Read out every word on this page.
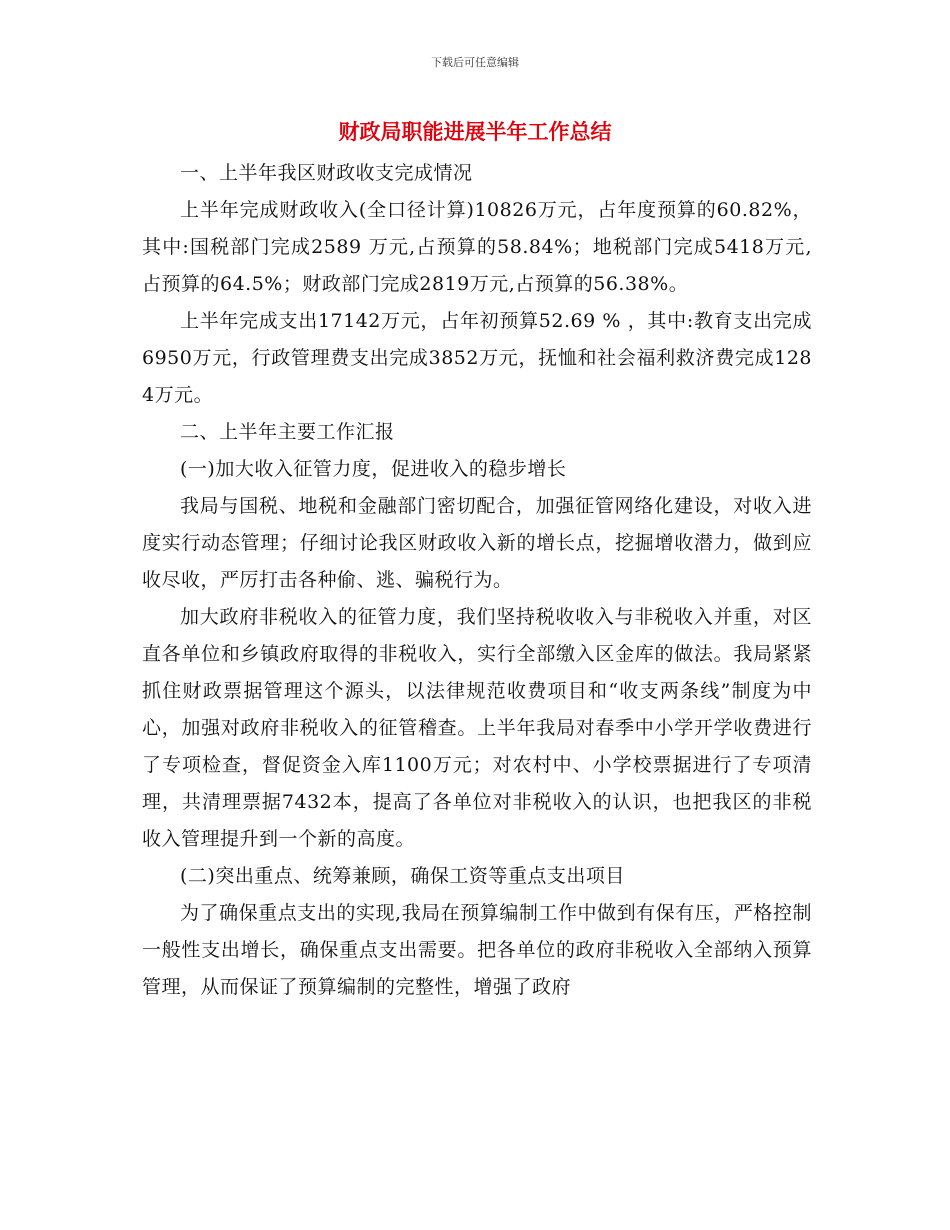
下载后可任意编辑
财政局职能进展半年工作总结

一、上半年我区财政收支完成情况

上半年完成财政收入(全口径计算)10826万元，占年度预算的60.82%，其中:国税部门完成2589 万元,占预算的58.84%；地税部门完成5418万元,占预算的64.5%；财政部门完成2819万元,占预算的56.38%。

上半年完成支出17142万元，占年初预算52.69 % ，其中:教育支出完成6950万元，行政管理费支出完成3852万元，抚恤和社会福利救济费完成1284万元。

二、上半年主要工作汇报

(一)加大收入征管力度，促进收入的稳步增长

我局与国税、地税和金融部门密切配合，加强征管网络化建设，对收入进度实行动态管理；仔细讨论我区财政收入新的增长点，挖掘增收潜力，做到应收尽收，严厉打击各种偷、逃、骗税行为。

加大政府非税收入的征管力度，我们坚持税收收入与非税收入并重，对区直各单位和乡镇政府取得的非税收入，实行全部缴入区金库的做法。我局紧紧抓住财政票据管理这个源头，以法律规范收费项目和“收支两条线”制度为中心，加强对政府非税收入的征管稽查。上半年我局对春季中小学开学收费进行了专项检查，督促资金入库1100万元；对农村中、小学校票据进行了专项清理，共清理票据7432本，提高了各单位对非税收入的认识，也把我区的非税收入管理提升到一个新的高度。

(二)突出重点、统筹兼顾，确保工资等重点支出项目

为了确保重点支出的实现,我局在预算编制工作中做到有保有压，严格控制一般性支出增长，确保重点支出需要。把各单位的政府非税收入全部纳入预算管理，从而保证了预算编制的完整性，增强了政府
